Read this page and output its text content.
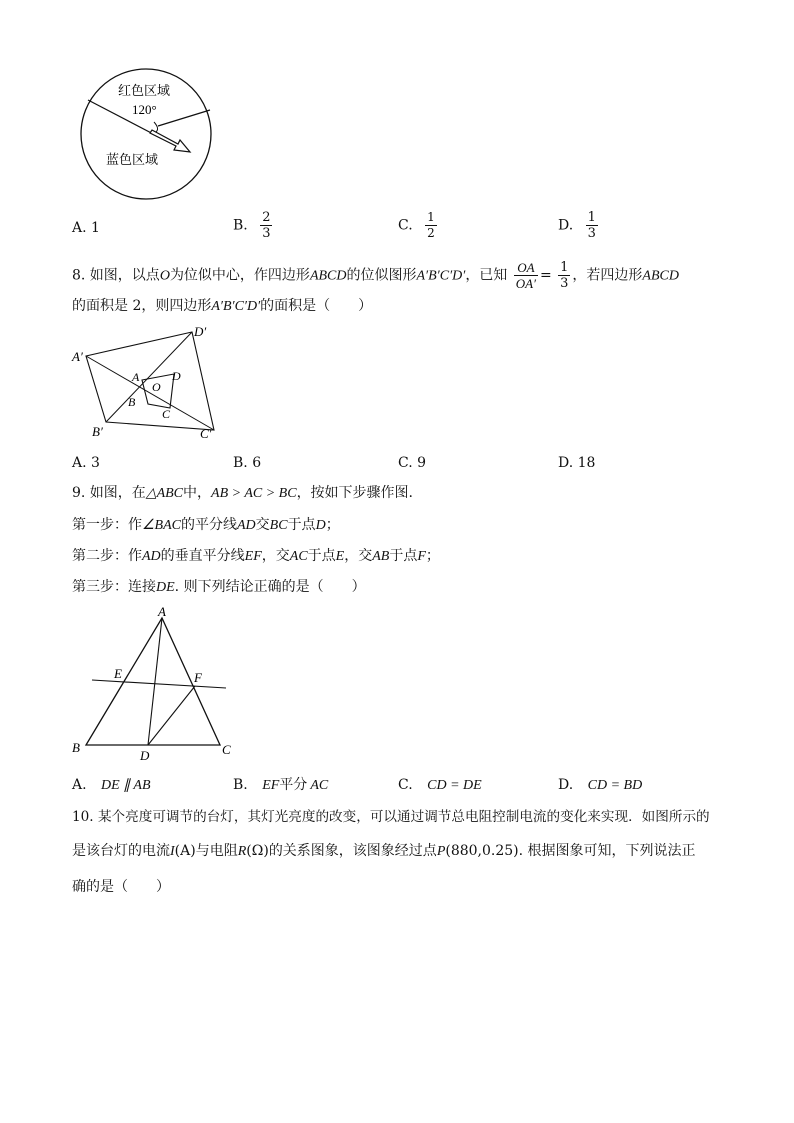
红色区域
120°
蓝色区域
A. 1	B. $\frac{2}{3}$	C. $\frac{1}{2}$	D. $\frac{1}{3}$
8. 如图，以点O为位似中心，作四边形ABCD的位似图形A′B′C′D′，已知 $\frac{OA}{OA'} = \frac{1}{3}$ ，若四边形ABCD
的面积是 2，则四边形A′B′C′D′的面积是（　　）
A′
D′
B′	C′
A	D
O
B
C
A. 3	B. 6	C. 9	D. 18
9. 如图，在△ABC中，AB > AC > BC，按如下步骤作图.
第一步：作∠BAC的平分线AD交BC于点D；
第二步：作AD的垂直平分线EF，交AC于点E，交AB于点F；
第三步：连接DE. 则下列结论正确的是（　　）
A
B	C
D
E	F
A. DE ∥ AB	B. EF平分 AC	C. CD = DE	D. CD = BD
10. 某个亮度可调节的台灯，其灯光亮度的改变，可以通过调节总电阻控制电流的变化来实现．如图所示的
是该台灯的电流I(A)与电阻R(Ω)的关系图象，该图象经过点P(880,0.25). 根据图象可知，下列说法正
确的是（　　）
